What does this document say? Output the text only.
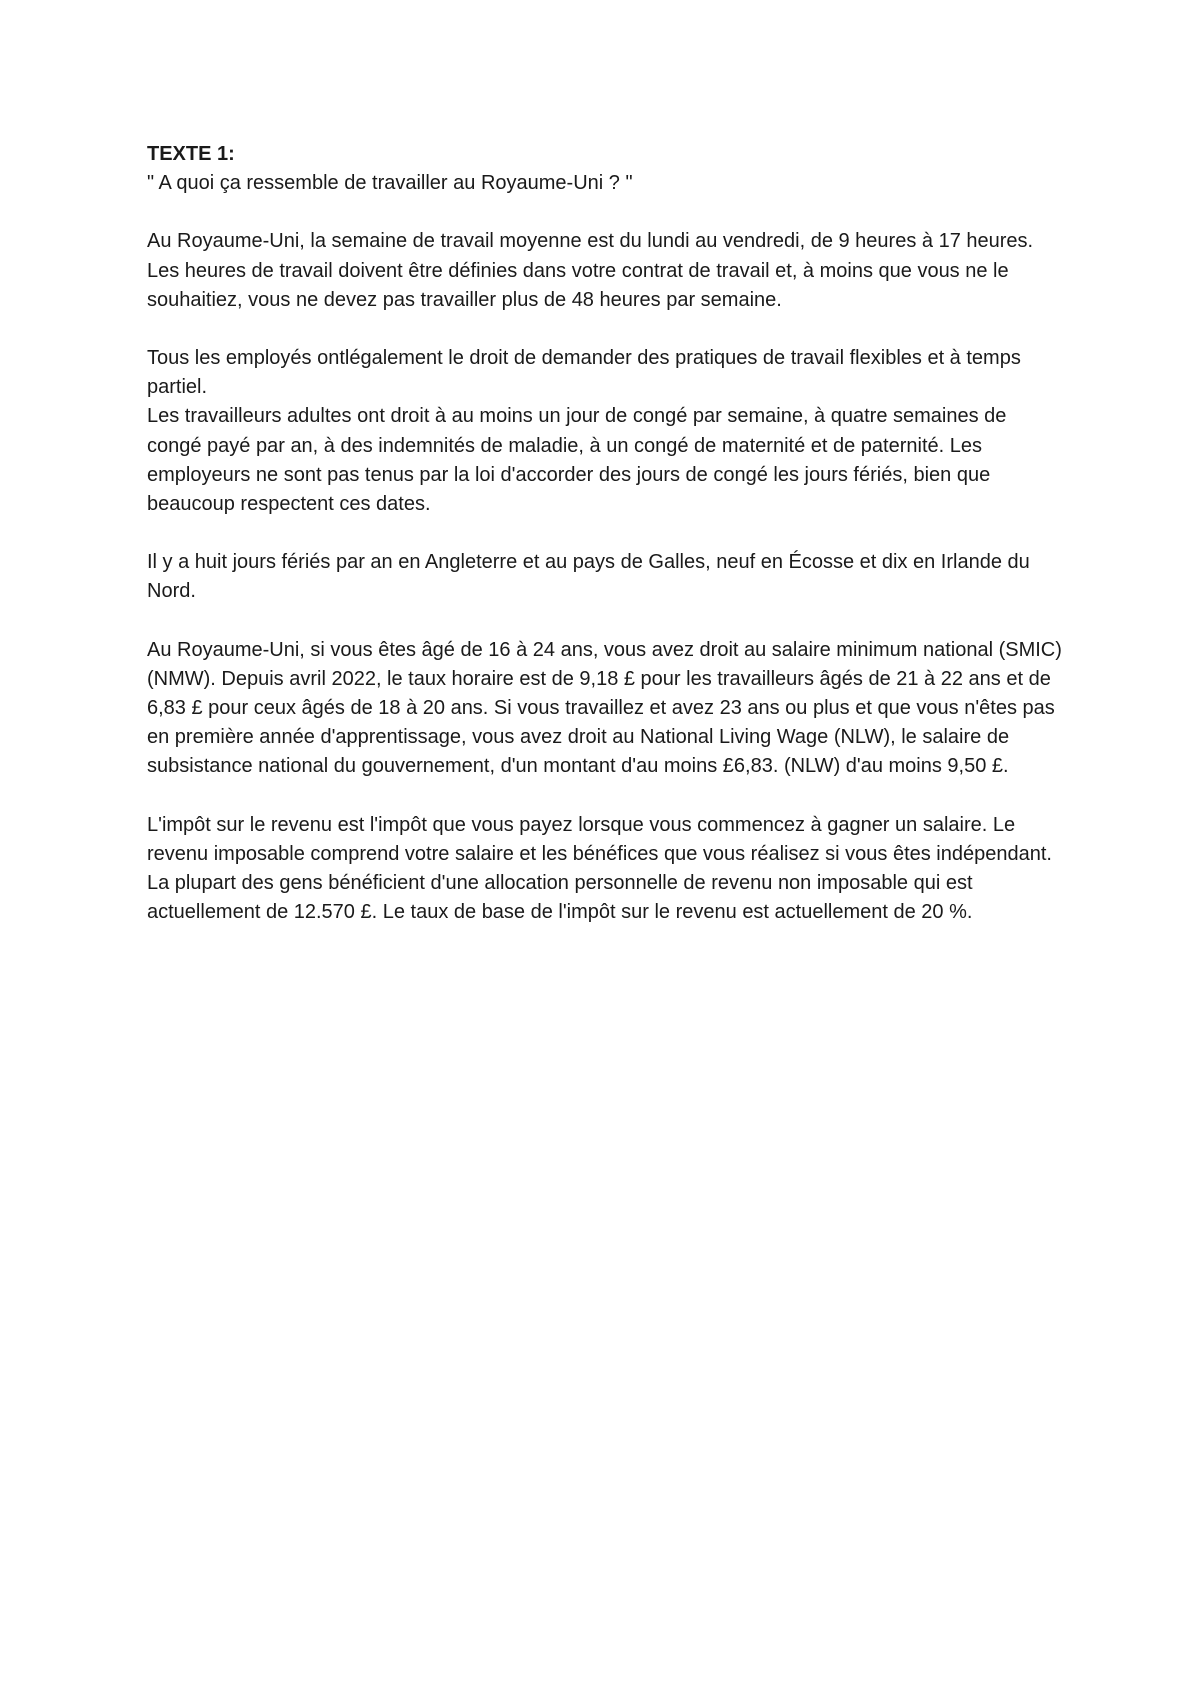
TEXTE 1:

" A quoi ça ressemble de travailler au Royaume-Uni ? "

Au Royaume-Uni, la semaine de travail moyenne est du lundi au vendredi, de 9 heures à 17 heures. Les heures de travail doivent être définies dans votre contrat de travail et, à moins que vous ne le souhaitiez, vous ne devez pas travailler plus de 48 heures par semaine.

Tous les employés ontlégalement le droit de demander des pratiques de travail flexibles et à temps partiel.

Les travailleurs adultes ont droit à au moins un jour de congé par semaine, à quatre semaines de congé payé par an, à des indemnités de maladie, à un congé de maternité et de paternité. Les employeurs ne sont pas tenus par la loi d'accorder des jours de congé les jours fériés, bien que beaucoup respectent ces dates.

Il y a huit jours fériés par an en Angleterre et au pays de Galles, neuf en Écosse et dix en Irlande du Nord.

Au Royaume-Uni, si vous êtes âgé de 16 à 24 ans, vous avez droit au salaire minimum national (SMIC) (NMW). Depuis avril 2022, le taux horaire est de 9,18 £ pour les travailleurs âgés de 21 à 22 ans et de 6,83 £ pour ceux âgés de 18 à 20 ans. Si vous travaillez et avez 23 ans ou plus et que vous n'êtes pas en première année d'apprentissage, vous avez droit au National Living Wage (NLW), le salaire de subsistance national du gouvernement, d'un montant d'au moins £6,83. (NLW) d'au moins 9,50 £.

L'impôt sur le revenu est l'impôt que vous payez lorsque vous commencez à gagner un salaire. Le revenu imposable comprend votre salaire et les bénéfices que vous réalisez si vous êtes indépendant. La plupart des gens bénéficient d'une allocation personnelle de revenu non imposable qui est actuellement de 12.570 £. Le taux de base de l'impôt sur le revenu est actuellement de 20 %.
